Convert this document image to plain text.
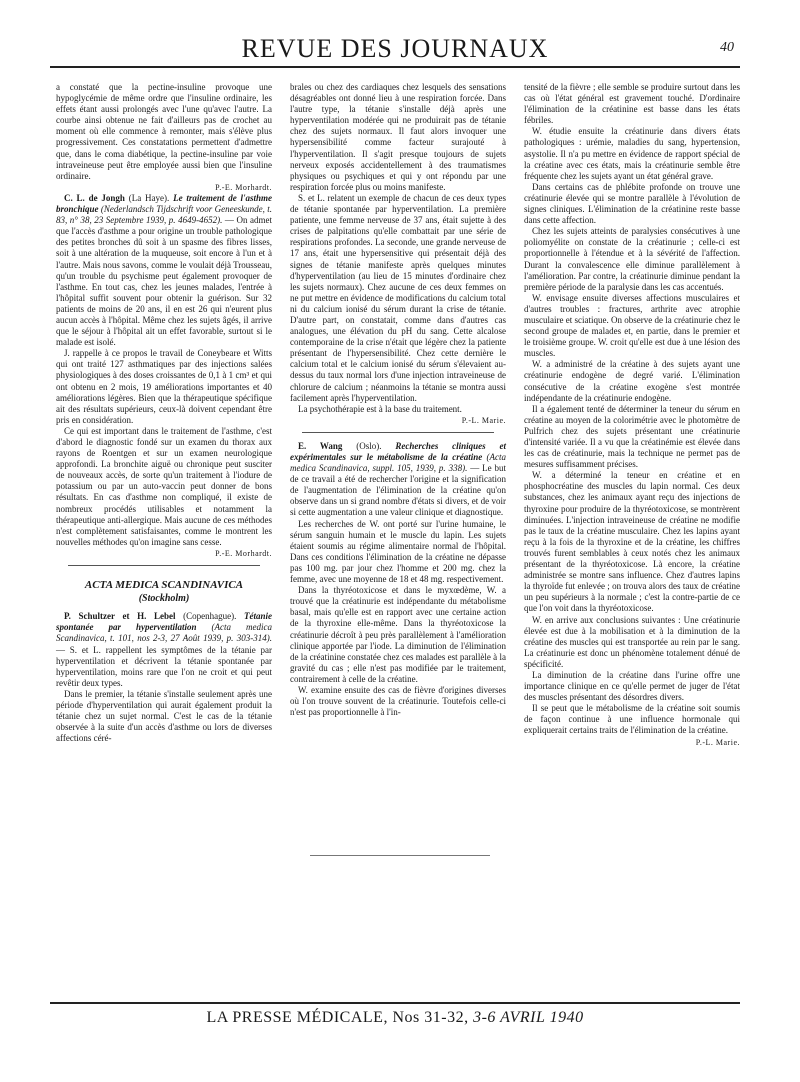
REVUE DES JOURNAUX	40

a constaté que la pectine-insuline provoque une hypoglycémie de même ordre que l'insuline ordinaire, les effets étant aussi prolongés avec l'une qu'avec l'autre. La courbe ainsi obtenue ne fait d'ailleurs pas de crochet au moment où elle commence à remonter, mais s'élève plus progressivement. Ces constatations permettent d'admettre que, dans le coma diabétique, la pectine-insuline par voie intraveineuse peut être employée aussi bien que l'insuline ordinaire.

P.-E. Morhardt.

C. L. de Jongh (La Haye). Le traitement de l'asthme bronchique (Nederlandsch Tijdschrift voor Geneeskunde, t. 83, n° 38, 23 Septembre 1939, p. 4649-4652). — On admet que l'accès d'asthme a pour origine un trouble pathologique des petites bronches dû soit à un spasme des fibres lisses, soit à une altération de la muqueuse, soit encore à l'un et à l'autre. Mais nous savons, comme le voulait déjà Trousseau, qu'un trouble du psychisme peut également provoquer de l'asthme. En tout cas, chez les jeunes malades, l'entrée à l'hôpital suffit souvent pour obtenir la guérison. Sur 32 patients de moins de 20 ans, il en est 26 qui n'eurent plus aucun accès à l'hôpital. Même chez les sujets âgés, il arrive que le séjour à l'hôpital ait un effet favorable, surtout si le malade est isolé.

J. rappelle à ce propos le travail de Coneybeare et Witts qui ont traité 127 asthmatiques par des injections salées physiologiques à des doses croissantes de 0,1 à 1 cm³ et qui ont obtenu en 2 mois, 19 améliorations importantes et 40 améliorations légères. Bien que la thérapeutique spécifique ait des résultats supérieurs, ceux-là doivent cependant être pris en considération.

Ce qui est important dans le traitement de l'asthme, c'est d'abord le diagnostic fondé sur un examen du thorax aux rayons de Roentgen et sur un examen neurologique approfondi. La bronchite aiguë ou chronique peut susciter de nouveaux accès, de sorte qu'un traitement à l'iodure de potassium ou par un auto-vaccin peut donner de bons résultats. En cas d'asthme non compliqué, il existe de nombreux procédés utilisables et notamment la thérapeutique anti-allergique. Mais aucune de ces méthodes n'est complètement satisfaisantes, comme le montrent les nouvelles méthodes qu'on imagine sans cesse.

P.-E. Morhardt.

ACTA MEDICA SCANDINAVICA
(Stockholm)

P. Schultzer et H. Lebel (Copenhague). Tétanie spontanée par hyperventilation (Acta medica Scandinavica, t. 101, nos 2-3, 27 Août 1939, p. 303-314). — S. et L. rappellent les symptômes de la tétanie par hyperventilation et décrivent la tétanie spontanée par hyperventilation, moins rare que l'on ne croit et qui peut revêtir deux types.

Dans le premier, la tétanie s'installe seulement après une période d'hyperventilation qui aurait également produit la tétanie chez un sujet normal. C'est le cas de la tétanie observée à la suite d'un accès d'asthme ou lors de diverses affections céré-

brales ou chez des cardiaques chez lesquels des sensations désagréables ont donné lieu à une respiration forcée. Dans l'autre type, la tétanie s'installe déjà après une hyperventilation modérée qui ne produirait pas de tétanie chez des sujets normaux. Il faut alors invoquer une hypersensibilité comme facteur surajouté à l'hyperventilation. Il s'agit presque toujours de sujets nerveux exposés accidentellement à des traumatismes physiques ou psychiques et qui y ont répondu par une respiration forcée plus ou moins manifeste.

S. et L. relatent un exemple de chacun de ces deux types de tétanie spontanée par hyperventilation. La première patiente, une femme nerveuse de 37 ans, était sujette à des crises de palpitations qu'elle combattait par une série de respirations profondes. La seconde, une grande nerveuse de 17 ans, était une hypersensitive qui présentait déjà des signes de tétanie manifeste après quelques minutes d'hyperventilation (au lieu de 15 minutes d'ordinaire chez les sujets normaux). Chez aucune de ces deux femmes on ne put mettre en évidence de modifications du calcium total ni du calcium ionisé du sérum durant la crise de tétanie. D'autre part, on constatait, comme dans d'autres cas analogues, une élévation du pH du sang. Cette alcalose contemporaine de la crise n'était que légère chez la patiente présentant de l'hypersensibilité. Chez cette dernière le calcium total et le calcium ionisé du sérum s'élevaient au-dessus du taux normal lors d'une injection intraveineuse de chlorure de calcium ; néanmoins la tétanie se montra aussi facilement après l'hyperventilation.

La psychothérapie est à la base du traitement.

P.-L. Marie.

E. Wang (Oslo). Recherches cliniques et expérimentales sur le métabolisme de la créatine (Acta medica Scandinavica, suppl. 105, 1939, p. 338). — Le but de ce travail a été de rechercher l'origine et la signification de l'augmentation de l'élimination de la créatine qu'on observe dans un si grand nombre d'états si divers, et de voir si cette augmentation a une valeur clinique et diagnostique.

Les recherches de W. ont porté sur l'urine humaine, le sérum sanguin humain et le muscle du lapin. Les sujets étaient soumis au régime alimentaire normal de l'hôpital. Dans ces conditions l'élimination de la créatine ne dépasse pas 100 mg. par jour chez l'homme et 200 mg. chez la femme, avec une moyenne de 18 et 48 mg. respectivement.

Dans la thyréotoxicose et dans le myxœdème, W. a trouvé que la créatinurie est indépendante du métabolisme basal, mais qu'elle est en rapport avec une certaine action de la thyroxine elle-même. Dans la thyréotoxicose la créatinurie décroît à peu près parallèlement à l'amélioration clinique apportée par l'iode. La diminution de l'élimination de la créatinine constatée chez ces malades est parallèle à la gravité du cas ; elle n'est pas modifiée par le traitement, contrairement à celle de la créatine.

W. examine ensuite des cas de fièvre d'origines diverses où l'on trouve souvent de la créatinurie. Toutefois celle-ci n'est pas proportionnelle à l'in-

tensité de la fièvre ; elle semble se produire surtout dans les cas où l'état général est gravement touché. D'ordinaire l'élimination de la créatinine est basse dans les états fébriles.

W. étudie ensuite la créatinurie dans divers états pathologiques : urémie, maladies du sang, hypertension, asystolie. Il n'a pu mettre en évidence de rapport spécial de la créatine avec ces états, mais la créatinurie semble être fréquente chez les sujets ayant un état général grave.

Dans certains cas de phlébite profonde on trouve une créatinurie élevée qui se montre parallèle à l'évolution de signes cliniques. L'élimination de la créatinine reste basse dans cette affection.

Chez les sujets atteints de paralysies consécutives à une poliomyélite on constate de la créatinurie ; celle-ci est proportionnelle à l'étendue et à la sévérité de l'affection. Durant la convalescence elle diminue parallèlement à l'amélioration. Par contre, la créatinurie diminue pendant la première période de la paralysie dans les cas accentués.

W. envisage ensuite diverses affections musculaires et d'autres troubles : fractures, arthrite avec atrophie musculaire et sciatique. On observe de la créatinurie chez le second groupe de malades et, en partie, dans le premier et le troisième groupe. W. croit qu'elle est due à une lésion des muscles.

W. a administré de la créatine à des sujets ayant une créatinurie endogène de degré varié. L'élimination consécutive de la créatine exogène s'est montrée indépendante de la créatinurie endogène.

Il a également tenté de déterminer la teneur du sérum en créatine au moyen de la colorimétrie avec le photomètre de Pulfrich chez des sujets présentant une créatinurie d'intensité variée. Il a vu que la créatinémie est élevée dans les cas de créatinurie, mais la technique ne permet pas de mesures suffisamment précises.

W. a déterminé la teneur en créatine et en phosphocréatine des muscles du lapin normal. Ces deux substances, chez les animaux ayant reçu des injections de thyroxine pour produire de la thyréotoxicose, se montrèrent diminuées. L'injection intraveineuse de créatine ne modifie pas le taux de la créatine musculaire. Chez les lapins ayant reçu à la fois de la thyroxine et de la créatine, les chiffres trouvés furent semblables à ceux notés chez les animaux présentant de la thyréotoxicose. Là encore, la créatine administrée se montre sans influence. Chez d'autres lapins la thyroïde fut enlevée ; on trouva alors des taux de créatine un peu supérieurs à la normale ; c'est la contre-partie de ce que l'on voit dans la thyréotoxicose.

W. en arrive aux conclusions suivantes : Une créatinurie élevée est due à la mobilisation et à la diminution de la créatine des muscles qui est transportée au rein par le sang. La créatinurie est donc un phénomène totalement dénué de spécificité.

La diminution de la créatine dans l'urine offre une importance clinique en ce qu'elle permet de juger de l'état des muscles présentant des désordres divers.

Il se peut que le métabolisme de la créatine soit soumis de façon continue à une influence hormonale qui expliquerait certains traits de l'élimination de la créatine.

P.-L. Marie.

LA PRESSE MÉDICALE, Nos 31-32, 3-6 AVRIL 1940
